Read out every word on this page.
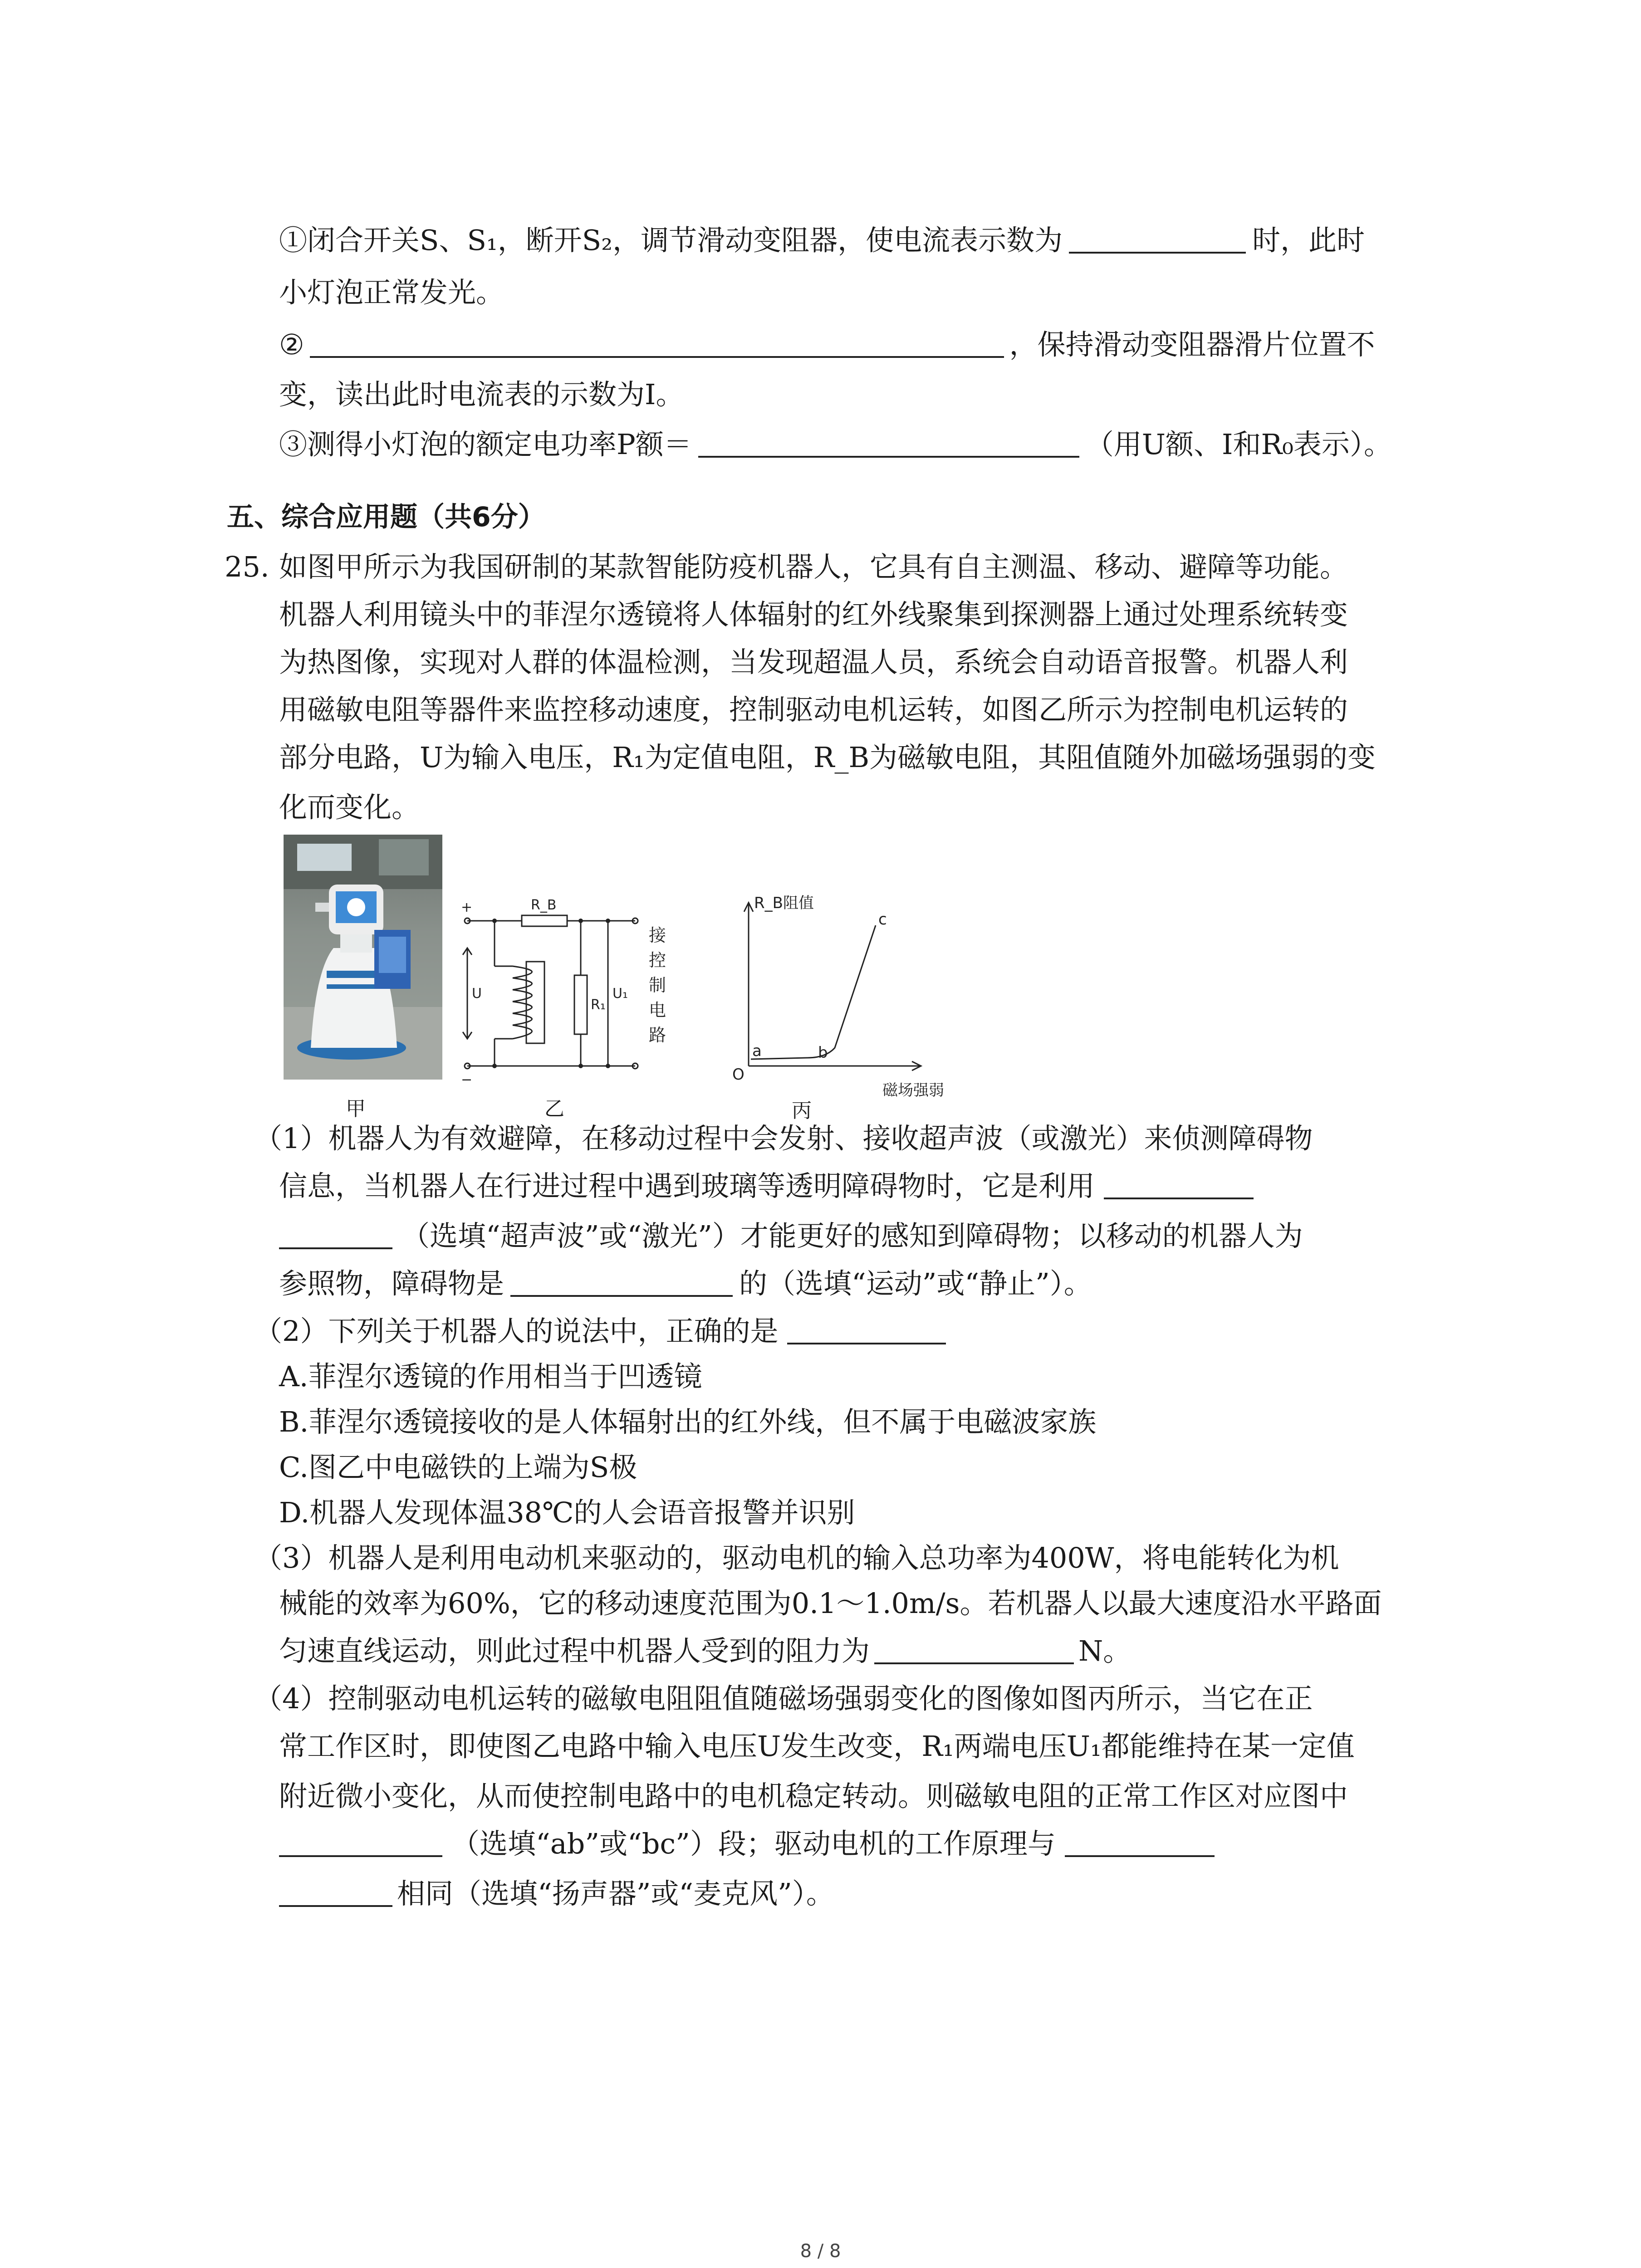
①闭合开关S、S₁，断开S₂，调节滑动变阻器，使电流表示数为	时，此时
小灯泡正常发光。
②	，保持滑动变阻器滑片位置不
变，读出此时电流表的示数为I。
③测得小灯泡的额定电功率P额＝	（用U额、I和R₀表示）。
五、综合应用题（共6分）
25. 如图甲所示为我国研制的某款智能防疫机器人，它具有自主测温、移动、避障等功能。
机器人利用镜头中的菲涅尔透镜将人体辐射的红外线聚集到探测器上通过处理系统转变
为热图像，实现对人群的体温检测，当发现超温人员，系统会自动语音报警。机器人利
用磁敏电阻等器件来监控移动速度，控制驱动电机运转，如图乙所示为控制电机运转的
部分电路，U为输入电压，R₁为定值电阻，R_B为磁敏电阻，其阻值随外加磁场强弱的变
化而变化。
甲
R_B
R₁
U	U₁
+
−
接
控
制
电
路
乙
R_B阻值
磁场强弱
O
a	b
c
丙
（1）机器人为有效避障，在移动过程中会发射、接收超声波（或激光）来侦测障碍物
信息，当机器人在行进过程中遇到玻璃等透明障碍物时，它是利用
（选填“超声波”或“激光”）才能更好的感知到障碍物；以移动的机器人为
参照物，障碍物是	的（选填“运动”或“静止”）。
（2）下列关于机器人的说法中，正确的是
A.菲涅尔透镜的作用相当于凹透镜
B.菲涅尔透镜接收的是人体辐射出的红外线，但不属于电磁波家族
C.图乙中电磁铁的上端为S极
D.机器人发现体温38℃的人会语音报警并识别
（3）机器人是利用电动机来驱动的，驱动电机的输入总功率为400W，将电能转化为机
械能的效率为60%，它的移动速度范围为0.1～1.0m/s。若机器人以最大速度沿水平路面
匀速直线运动，则此过程中机器人受到的阻力为	N。
（4）控制驱动电机运转的磁敏电阻阻值随磁场强弱变化的图像如图丙所示，当它在正
常工作区时，即使图乙电路中输入电压U发生改变，R₁两端电压U₁都能维持在某一定值
附近微小变化，从而使控制电路中的电机稳定转动。则磁敏电阻的正常工作区对应图中
（选填“ab”或“bc”）段；驱动电机的工作原理与
相同（选填“扬声器”或“麦克风”）。
8 / 8
